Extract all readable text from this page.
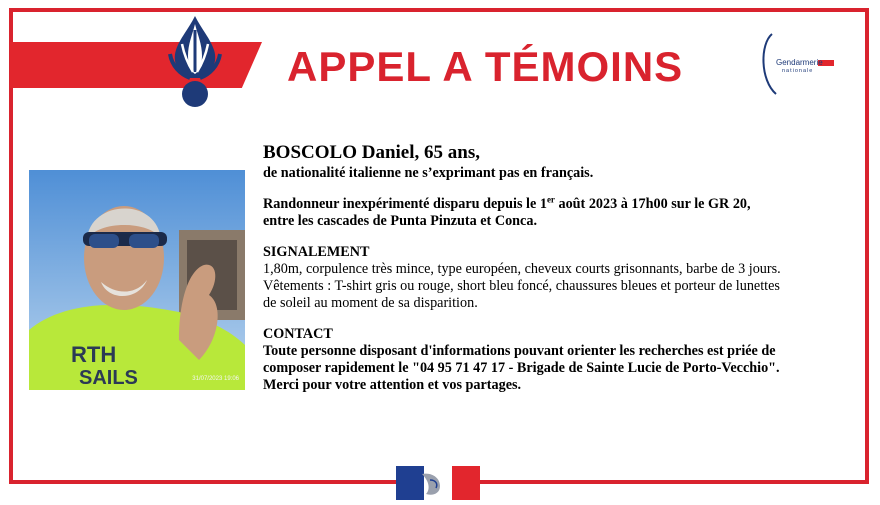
APPEL A TÉMOINS	Gendarmerie
nationale
RTH
SAILS	31/07/2023 19:06

BOSCOLO Daniel, 65 ans,

de nationalité italienne ne s’exprimant pas en français.

Randonneur inexpérimenté disparu depuis le 1er août 2023 à 17h00 sur le GR 20,

entre les cascades de Punta Pinzuta et Conca.

SIGNALEMENT

1,80m, corpulence très mince, type européen, cheveux courts grisonnants, barbe de 3 jours.

Vêtements : T-shirt gris ou rouge, short bleu foncé, chaussures bleues et porteur de lunettes de soleil au moment de sa disparition.

CONTACT

Toute personne disposant d'informations pouvant orienter les recherches est priée de composer rapidement le "04 95 71 47 17 - Brigade de Sainte Lucie de Porto-Vecchio".

Merci pour votre attention et vos partages.
